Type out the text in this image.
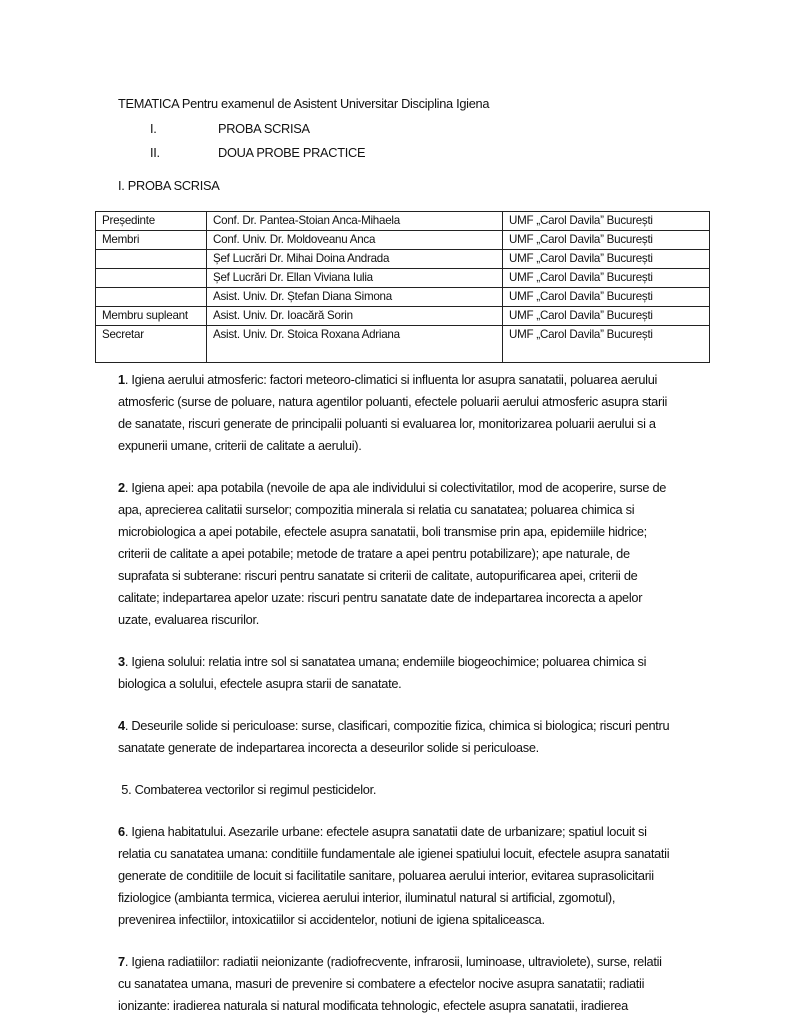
TEMATICA Pentru examenul de Asistent Universitar Disciplina Igiena
I.	PROBA SCRISA
II.	DOUA PROBE PRACTICE
I. PROBA SCRISA
Președinte	Conf. Dr. Pantea-Stoian Anca-Mihaela	UMF „Carol Davila” București
Membri	Conf. Univ. Dr. Moldoveanu Anca	UMF „Carol Davila” București
	Șef Lucrări Dr. Mihai Doina Andrada	UMF „Carol Davila” București
	Șef Lucrări Dr. Ellan Viviana Iulia	UMF „Carol Davila” București
	Asist. Univ. Dr. Ștefan Diana Simona	UMF „Carol Davila” București
Membru supleant	Asist. Univ. Dr. Ioacără Sorin	UMF „Carol Davila” București
Secretar	Asist. Univ. Dr. Stoica Roxana Adriana	UMF „Carol Davila” București
1. Igiena aerului atmosferic: factori meteoro-climatici si influenta lor asupra sanatatii, poluarea aerului
atmosferic (surse de poluare, natura agentilor poluanti, efectele poluarii aerului atmosferic asupra starii
de sanatate, riscuri generate de principalii poluanti si evaluarea lor, monitorizarea poluarii aerului si a
expunerii umane, criterii de calitate a aerului).
2. Igiena apei: apa potabila (nevoile de apa ale individului si colectivitatilor, mod de acoperire, surse de
apa, aprecierea calitatii surselor; compozitia minerala si relatia cu sanatatea; poluarea chimica si
microbiologica a apei potabile, efectele asupra sanatatii, boli transmise prin apa, epidemiile hidrice;
criterii de calitate a apei potabile; metode de tratare a apei pentru potabilizare); ape naturale, de
suprafata si subterane: riscuri pentru sanatate si criterii de calitate, autopurificarea apei, criterii de
calitate; indepartarea apelor uzate: riscuri pentru sanatate date de indepartarea incorecta a apelor
uzate, evaluarea riscurilor.
3. Igiena solului: relatia intre sol si sanatatea umana; endemiile biogeochimice; poluarea chimica si
biologica a solului, efectele asupra starii de sanatate.
4. Deseurile solide si periculoase: surse, clasificari, compozitie fizica, chimica si biologica; riscuri pentru
sanatate generate de indepartarea incorecta a deseurilor solide si periculoase.
5. Combaterea vectorilor si regimul pesticidelor.
6. Igiena habitatului. Asezarile urbane: efectele asupra sanatatii date de urbanizare; spatiul locuit si
relatia cu sanatatea umana: conditiile fundamentale ale igienei spatiului locuit, efectele asupra sanatatii
generate de conditiile de locuit si facilitatile sanitare, poluarea aerului interior, evitarea suprasolicitarii
fiziologice (ambianta termica, vicierea aerului interior, iluminatul natural si artificial, zgomotul),
prevenirea infectiilor, intoxicatiilor si accidentelor, notiuni de igiena spitaliceasca.
7. Igiena radiatiilor: radiatii neionizante (radiofrecvente, infrarosii, luminoase, ultraviolete), surse, relatii
cu sanatatea umana, masuri de prevenire si combatere a efectelor nocive asupra sanatatii; radiatii
ionizante: iradierea naturala si natural modificata tehnologic, efectele asupra sanatatii, iradierea
